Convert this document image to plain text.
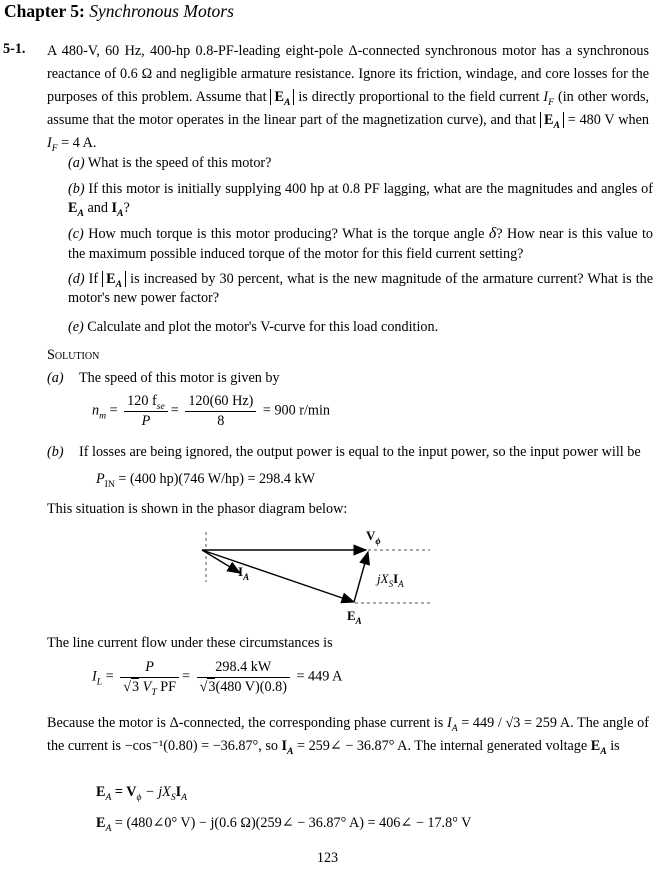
Chapter 5: Synchronous Motors
5-1. A 480-V, 60 Hz, 400-hp 0.8-PF-leading eight-pole Δ-connected synchronous motor has a synchronous reactance of 0.6 Ω and negligible armature resistance. Ignore its friction, windage, and core losses for the purposes of this problem. Assume that $E_A$ is directly proportional to the field current $I_F$ (in other words, assume that the motor operates in the linear part of the magnetization curve), and that $E_A = 480$ V when $I_F = 4$ A.
(a) What is the speed of this motor?
(b) If this motor is initially supplying 400 hp at 0.8 PF lagging, what are the magnitudes and angles of $E_A$ and $I_A$?
(c) How much torque is this motor producing? What is the torque angle δ? How near is this value to the maximum possible induced torque of the motor for this field current setting?
(d) If $E_A$ is increased by 30 percent, what is the new magnitude of the armature current? What is the motor's new power factor?
(e) Calculate and plot the motor's V-curve for this load condition.
Solution
(a) The speed of this motor is given by
$n_m = \frac{120 f_{se}}{P} = \frac{120(60 Hz)}{8} = 900$ r/min
(b) If losses are being ignored, the output power is equal to the input power, so the input power will be
$P_{IN} = (400$ hp)(746 W/hp) = 298.4 kW
This situation is shown in the phasor diagram below:
$V_\phi$
$I_A$	$jX_SI_A$
$E_A$
The line current flow under these circumstances is
$I_L = \frac{P}{√3 V_T PF} = \frac{298.4 kW}{√3(480 V)(0.8)} = 449$ A
Because the motor is Δ-connected, the corresponding phase current is $I_A = 449 / √3 = 259$ A. The angle of the current is −cos⁻¹(0.80) = −36.87°, so $I_A$ = 259∠ − 36.87° A. The internal generated voltage $E_A$ is
$E_A = V_\phi - jX_SI_A$
$E_A$ = (480∠0° V) − j(0.6 Ω)(259∠ − 36.87° A) = 406∠ − 17.8° V
123
